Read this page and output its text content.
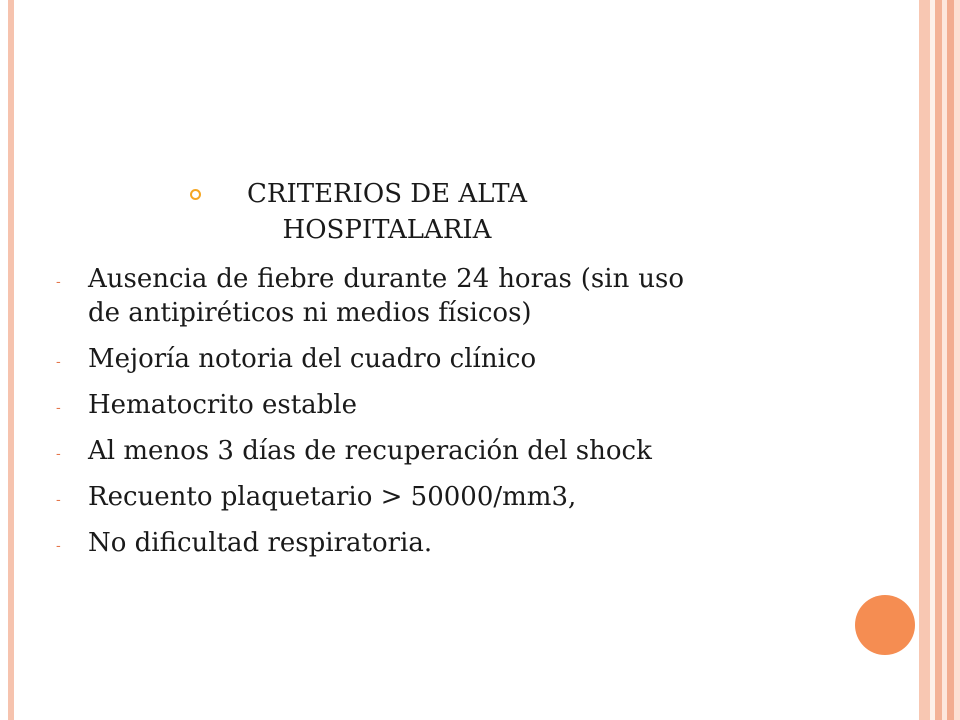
CRITERIOS DE ALTA HOSPITALARIA
-	Ausencia de fiebre durante 24 horas (sin uso de antipiréticos ni medios físicos)
-	Mejoría notoria del cuadro clínico
-	Hematocrito estable
-	Al menos 3 días de recuperación del shock
-	Recuento plaquetario > 50000/mm3,
-	No dificultad respiratoria.
